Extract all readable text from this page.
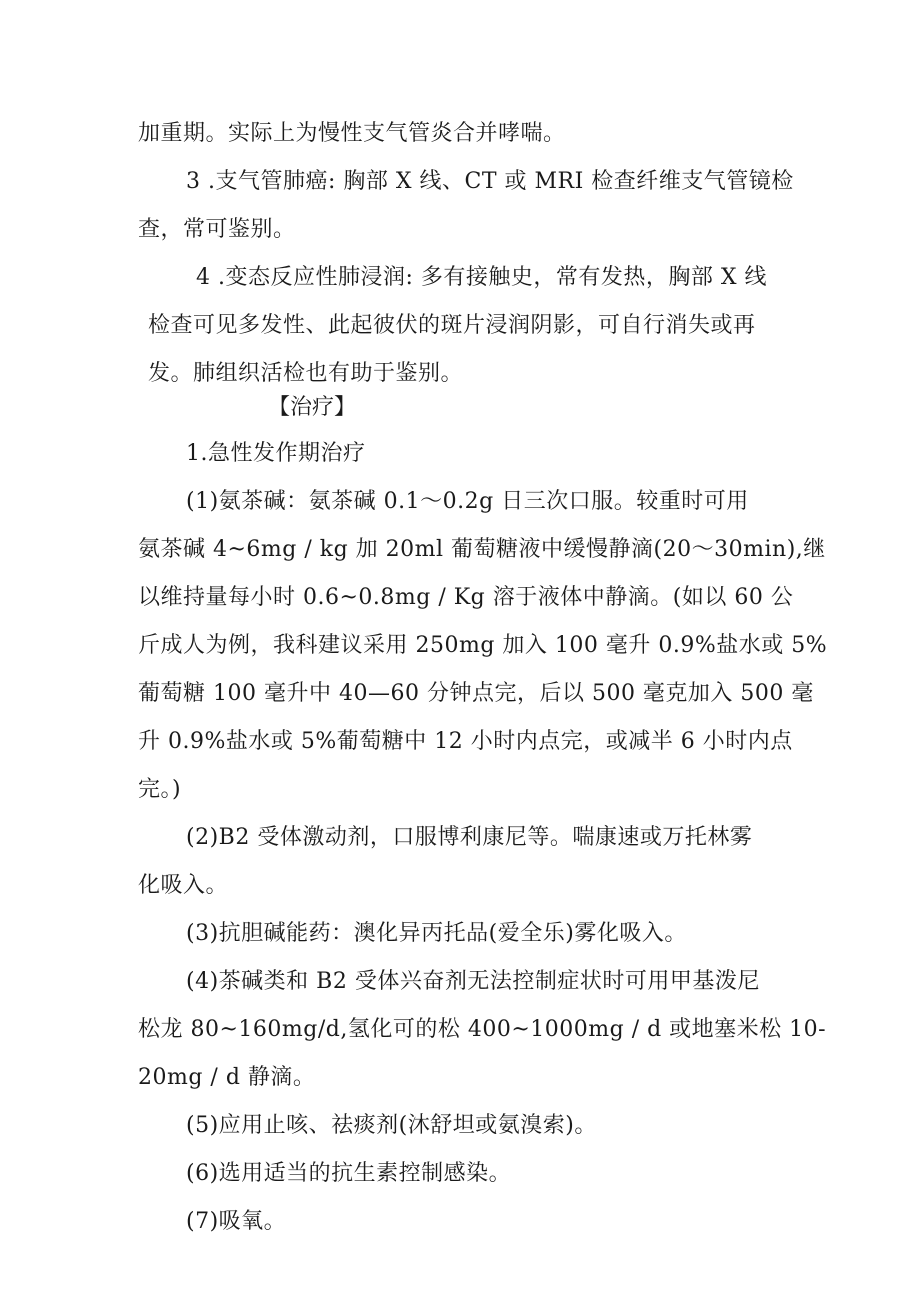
加重期。实际上为慢性支气管炎合并哮喘。
3 .支气管肺癌: 胸部 X 线、CT 或 MRI 检查纤维支气管镜检
查，常可鉴别。
4 .变态反应性肺浸润: 多有接触史，常有发热，胸部 X 线
检查可见多发性、此起彼伏的斑片浸润阴影，可自行消失或再
发。肺组织活检也有助于鉴别。
【治疗】
1.急性发作期治疗
(1)氨茶碱：氨茶碱 0.1～0.2g 日三次口服。较重时可用
氨茶碱 4~6mg / kg 加 20ml 葡萄糖液中缓慢静滴(20～30min),继
以维持量每小时 0.6~0.8mg / Kg 溶于液体中静滴。(如以 60 公
斤成人为例，我科建议采用 250mg 加入 100 毫升 0.9%盐水或 5%
葡萄糖 100 毫升中 40—60 分钟点完，后以 500 毫克加入 500 毫
升 0.9%盐水或 5%葡萄糖中 12 小时内点完，或减半 6 小时内点
完。)
(2)B2 受体激动剂，口服博利康尼等。喘康速或万托林雾
化吸入。
(3)抗胆碱能药：澳化异丙托品(爱全乐)雾化吸入。
(4)茶碱类和 B2 受体兴奋剂无法控制症状时可用甲基泼尼
松龙 80~160mg/d,氢化可的松 400~1000mg / d 或地塞米松 10-
20mg / d 静滴。
(5)应用止咳、祛痰剂(沐舒坦或氨溴索)。
(6)选用适当的抗生素控制感染。
(7)吸氧。
